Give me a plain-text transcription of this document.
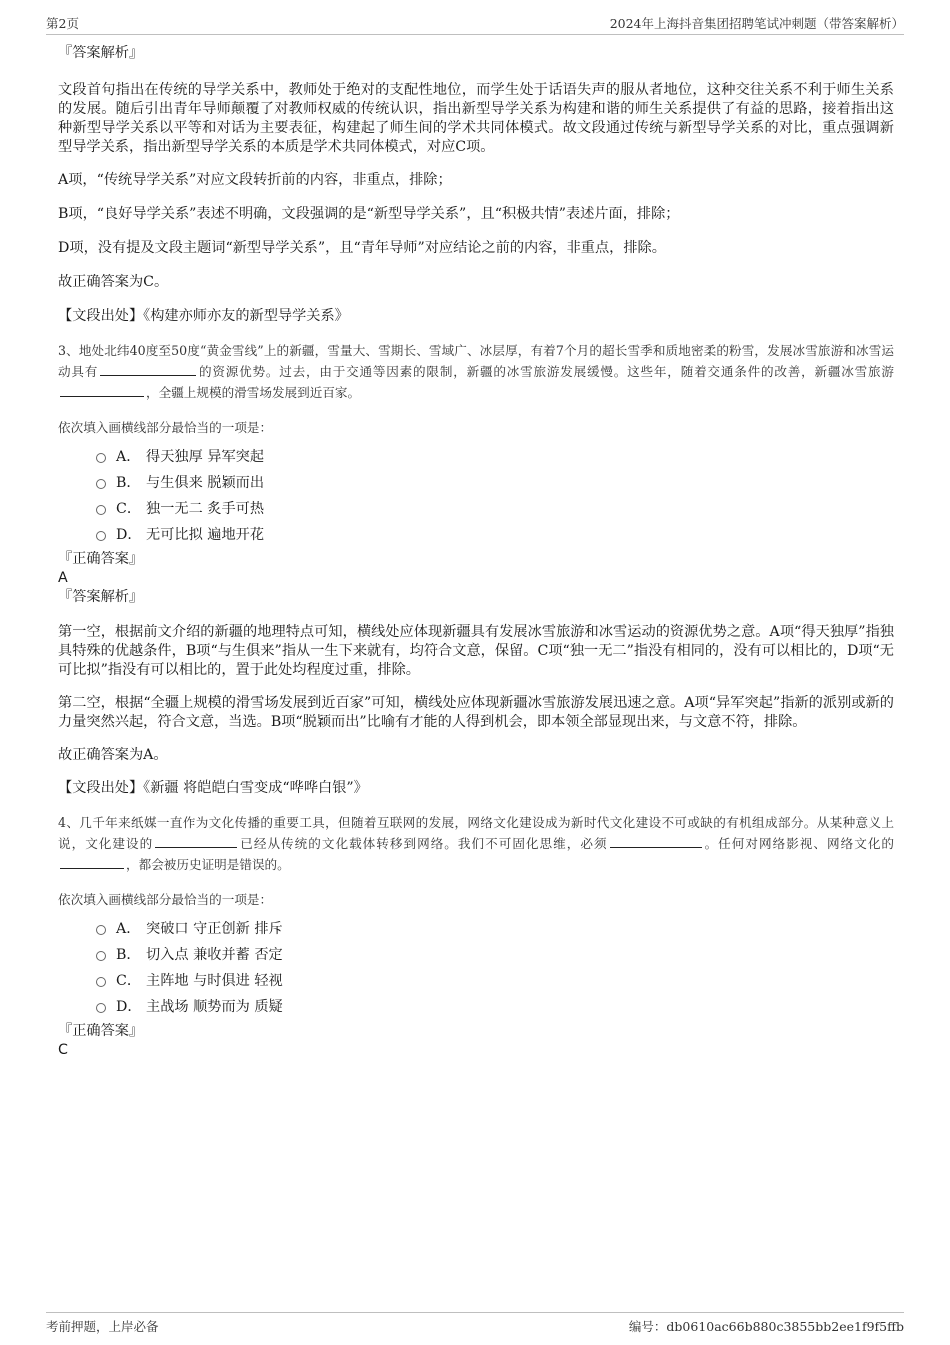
第2页	2024年上海抖音集团招聘笔试冲刺题（带答案解析）

『答案解析』

文段首句指出在传统的导学关系中，教师处于绝对的支配性地位，而学生处于话语失声的服从者地位，这种交往关系不利于师生关系的发展。随后引出青年导师颠覆了对教师权威的传统认识，指出新型导学关系为构建和谐的师生关系提供了有益的思路，接着指出这种新型导学关系以平等和对话为主要表征，构建起了师生间的学术共同体模式。故文段通过传统与新型导学关系的对比，重点强调新型导学关系，指出新型导学关系的本质是学术共同体模式，对应C项。

A项，“传统导学关系”对应文段转折前的内容，非重点，排除；

B项，“良好导学关系”表述不明确，文段强调的是“新型导学关系”，且“积极共情”表述片面，排除；

D项，没有提及文段主题词“新型导学关系”，且“青年导师”对应结论之前的内容，非重点，排除。

故正确答案为C。

【文段出处】《构建亦师亦友的新型导学关系》

3、地处北纬40度至50度“黄金雪线”上的新疆，雪量大、雪期长、雪域广、冰层厚，有着7个月的超长雪季和质地密柔的粉雪，发展冰雪旅游和冰雪运动具有	的资源优势。过去，由于交通等因素的限制，新疆的冰雪旅游发展缓慢。这些年，随着交通条件的改善，新疆冰雪旅游，全疆上规模的滑雪场发展到近百家。

依次填入画横线部分最恰当的一项是：

A． 得天独厚 异军突起
B． 与生俱来 脱颖而出
C． 独一无二 炙手可热
D． 无可比拟 遍地开花

『正确答案』

A

『答案解析』

第一空，根据前文介绍的新疆的地理特点可知，横线处应体现新疆具有发展冰雪旅游和冰雪运动的资源优势之意。A项“得天独厚”指独具特殊的优越条件，B项“与生俱来”指从一生下来就有，均符合文意，保留。C项“独一无二”指没有相同的，没有可以相比的，D项“无可比拟”指没有可以相比的，置于此处均程度过重，排除。

第二空，根据“全疆上规模的滑雪场发展到近百家”可知，横线处应体现新疆冰雪旅游发展迅速之意。A项“异军突起”指新的派别或新的力量突然兴起，符合文意，当选。B项“脱颖而出”比喻有才能的人得到机会，即本领全部显现出来，与文意不符，排除。

故正确答案为A。

【文段出处】《新疆 将皑皑白雪变成“哗哗白银”》

4、几千年来纸媒一直作为文化传播的重要工具，但随着互联网的发展，网络文化建设成为新时代文化建设不可或缺的有机组成部分。从某种意义上说，文化建设的	已经从传统的文化载体转移到网络。我们不可固化思维，必须	。任何对网络影视、网络文化的，都会被历史证明是错误的。

依次填入画横线部分最恰当的一项是：

A． 突破口 守正创新 排斥
B． 切入点 兼收并蓄 否定
C． 主阵地 与时俱进 轻视
D． 主战场 顺势而为 质疑

『正确答案』

C

考前押题，上岸必备	编号：db0610ac66b880c3855bb2ee1f9f5ffb
